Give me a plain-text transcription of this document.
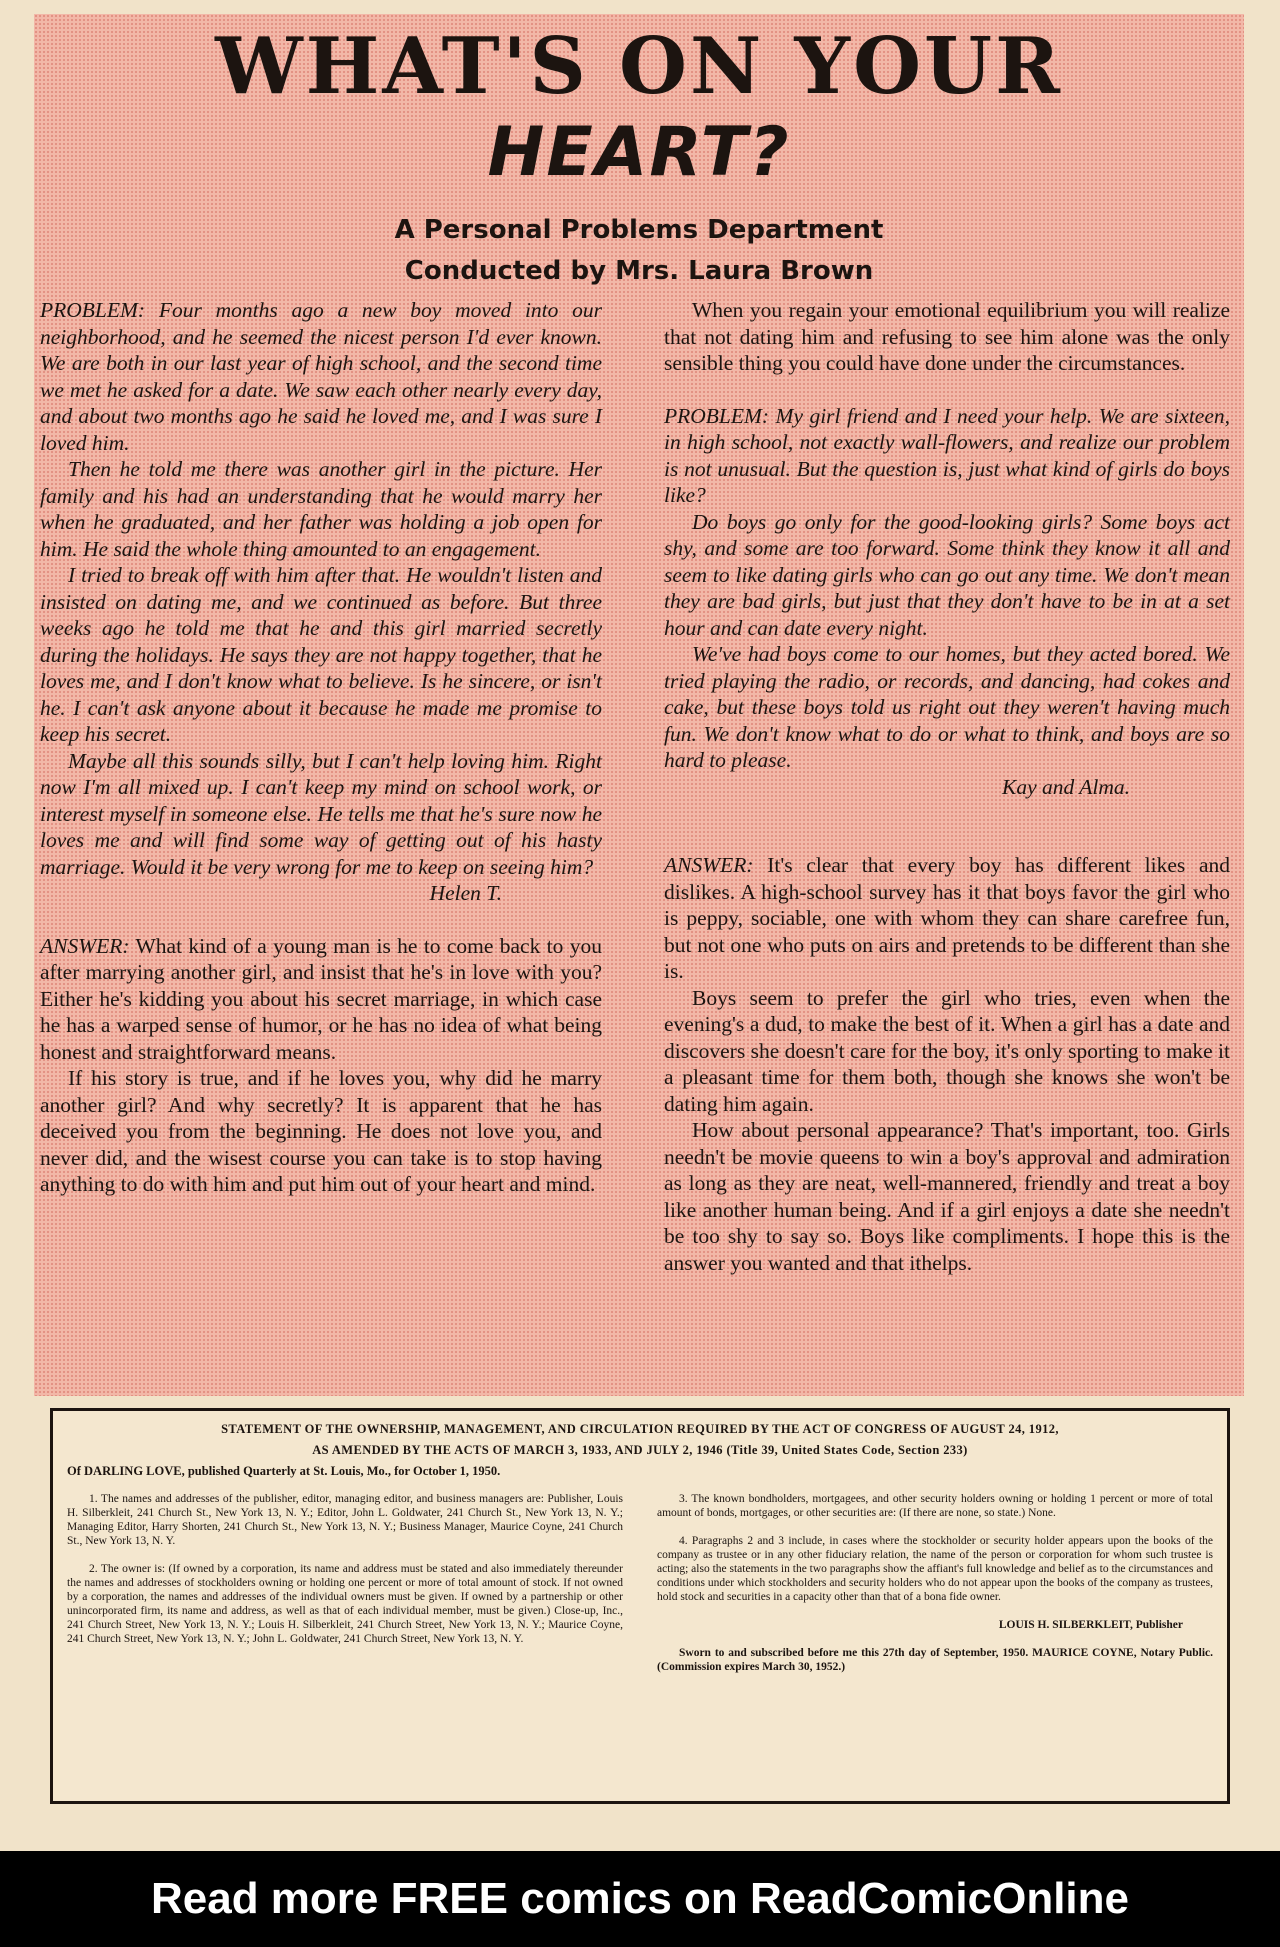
WHAT'S ON YOUR
HEART?
A Personal Problems Department
Conducted by Mrs. Laura Brown

PROBLEM: Four months ago a new boy moved into our neighborhood, and he seemed the nicest person I'd ever known. We are both in our last year of high school, and the second time we met he asked for a date. We saw each other nearly every day, and about two months ago he said he loved me, and I was sure I loved him.

Then he told me there was another girl in the picture. Her family and his had an understanding that he would marry her when he graduated, and her father was holding a job open for him. He said the whole thing amounted to an engagement.

I tried to break off with him after that. He wouldn't listen and insisted on dating me, and we continued as before. But three weeks ago he told me that he and this girl married secretly during the holidays. He says they are not happy together, that he loves me, and I don't know what to believe. Is he sincere, or isn't he. I can't ask anyone about it because he made me promise to keep his secret.

Maybe all this sounds silly, but I can't help loving him. Right now I'm all mixed up. I can't keep my mind on school work, or interest myself in someone else. He tells me that he's sure now he loves me and will find some way of getting out of his hasty marriage. Would it be very wrong for me to keep on seeing him?

Helen T.

ANSWER: What kind of a young man is he to come back to you after marrying another girl, and insist that he's in love with you? Either he's kidding you about his secret marriage, in which case he has a warped sense of humor, or he has no idea of what being honest and straightforward means.

If his story is true, and if he loves you, why did he marry another girl? And why secretly? It is apparent that he has deceived you from the beginning. He does not love you, and never did, and the wisest course you can take is to stop having anything to do with him and put him out of your heart and mind.

When you regain your emotional equilibrium you will realize that not dating him and refusing to see him alone was the only sensible thing you could have done under the circumstances.

PROBLEM: My girl friend and I need your help. We are sixteen, in high school, not exactly wall-flowers, and realize our problem is not unusual. But the question is, just what kind of girls do boys like?

Do boys go only for the good-looking girls? Some boys act shy, and some are too forward. Some think they know it all and seem to like dating girls who can go out any time. We don't mean they are bad girls, but just that they don't have to be in at a set hour and can date every night.

We've had boys come to our homes, but they acted bored. We tried playing the radio, or records, and dancing, had cokes and cake, but these boys told us right out they weren't having much fun. We don't know what to do or what to think, and boys are so hard to please.

Kay and Alma.

ANSWER: It's clear that every boy has different likes and dislikes. A high-school survey has it that boys favor the girl who is peppy, sociable, one with whom they can share carefree fun, but not one who puts on airs and pretends to be different than she is.

Boys seem to prefer the girl who tries, even when the evening's a dud, to make the best of it. When a girl has a date and discovers she doesn't care for the boy, it's only sporting to make it a pleasant time for them both, though she knows she won't be dating him again.

How about personal appearance? That's important, too. Girls needn't be movie queens to win a boy's approval and admiration as long as they are neat, well-mannered, friendly and treat a boy like another human being. And if a girl enjoys a date she needn't be too shy to say so. Boys like compliments. I hope this is the answer you wanted and that ithelps.

STATEMENT OF THE OWNERSHIP, MANAGEMENT, AND CIRCULATION REQUIRED BY THE ACT OF CONGRESS OF AUGUST 24, 1912,
AS AMENDED BY THE ACTS OF MARCH 3, 1933, AND JULY 2, 1946 (Title 39, United States Code, Section 233)
Of DARLING LOVE, published Quarterly at St. Louis, Mo., for October 1, 1950.

1. The names and addresses of the publisher, editor, managing editor, and business managers are: Publisher, Louis H. Silberkleit, 241 Church St., New York 13, N. Y.; Editor, John L. Goldwater, 241 Church St., New York 13, N. Y.; Managing Editor, Harry Shorten, 241 Church St., New York 13, N. Y.; Business Manager, Maurice Coyne, 241 Church St., New York 13, N. Y.

2. The owner is: (If owned by a corporation, its name and address must be stated and also immediately thereunder the names and addresses of stockholders owning or holding one percent or more of total amount of stock. If not owned by a corporation, the names and addresses of the individual owners must be given. If owned by a partnership or other unincorporated firm, its name and address, as well as that of each individual member, must be given.) Close-up, Inc., 241 Church Street, New York 13, N. Y.; Louis H. Silberkleit, 241 Church Street, New York 13, N. Y.; Maurice Coyne, 241 Church Street, New York 13, N. Y.; John L. Goldwater, 241 Church Street, New York 13, N. Y.

3. The known bondholders, mortgagees, and other security holders owning or holding 1 percent or more of total amount of bonds, mortgages, or other securities are: (If there are none, so state.) None.

4. Paragraphs 2 and 3 include, in cases where the stockholder or security holder appears upon the books of the company as trustee or in any other fiduciary relation, the name of the person or corporation for whom such trustee is acting; also the statements in the two paragraphs show the affiant's full knowledge and belief as to the circumstances and conditions under which stockholders and security holders who do not appear upon the books of the company as trustees, hold stock and securities in a capacity other than that of a bona fide owner.

LOUIS H. SILBERKLEIT, Publisher

Sworn to and subscribed before me this 27th day of September, 1950. MAURICE COYNE, Notary Public. (Commission expires March 30, 1952.)

Read more FREE comics on ReadComicOnline
